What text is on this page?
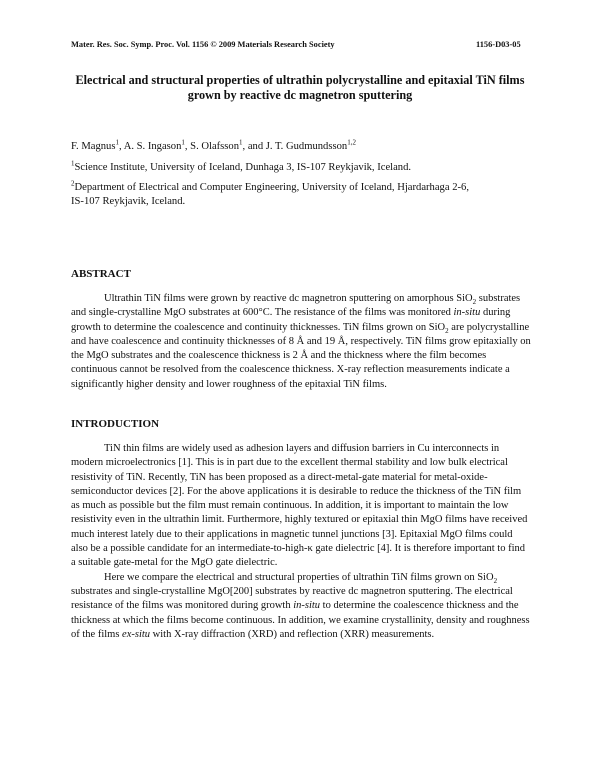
Mater. Res. Soc. Symp. Proc. Vol. 1156 © 2009 Materials Research Society	1156-D03-05
Electrical and structural properties of ultrathin polycrystalline and epitaxial TiN films grown by reactive dc magnetron sputtering
F. Magnus$^1$, A. S. Ingason$^1$, S. Olafsson$^1$, and J. T. Gudmundsson$^{1,2}$
$^1$Science Institute, University of Iceland, Dunhaga 3, IS-107 Reykjavik, Iceland.
$^2$Department of Electrical and Computer Engineering, University of Iceland, Hjardarhaga 2-6,
IS-107 Reykjavik, Iceland.
ABSTRACT

Ultrathin TiN films were grown by reactive dc magnetron sputtering on amorphous SiO$_2$ substrates and single-crystalline MgO substrates at 600°C. The resistance of the films was monitored in-situ during growth to determine the coalescence and continuity thicknesses. TiN films grown on SiO$_2$ are polycrystalline and have coalescence and continuity thicknesses of 8 Å and 19 Å, respectively. TiN films grow epitaxially on the MgO substrates and the coalescence thickness is 2 Å and the thickness where the film becomes continuous cannot be resolved from the coalescence thickness. X-ray reflection measurements indicate a significantly higher density and lower roughness of the epitaxial TiN films.

INTRODUCTION

TiN thin films are widely used as adhesion layers and diffusion barriers in Cu interconnects in modern microelectronics [1]. This is in part due to the excellent thermal stability and low bulk electrical resistivity of TiN. Recently, TiN has been proposed as a direct-metal-gate material for metal-oxide-semiconductor devices [2]. For the above applications it is desirable to reduce the thickness of the TiN film as much as possible but the film must remain continuous. In addition, it is important to maintain the low resistivity even in the ultrathin limit. Furthermore, highly textured or epitaxial thin MgO films have received much interest lately due to their applications in magnetic tunnel junctions [3]. Epitaxial MgO films could also be a possible candidate for an intermediate-to-high-κ gate dielectric [4]. It is therefore important to find a suitable gate-metal for the MgO gate dielectric.

Here we compare the electrical and structural properties of ultrathin TiN films grown on SiO$_2$ substrates and single-crystalline MgO[200] substrates by reactive dc magnetron sputtering. The electrical resistance of the films was monitored during growth in-situ to determine the coalescence thickness and the thickness at which the films become continuous. In addition, we examine crystallinity, density and roughness of the films ex-situ with X-ray diffraction (XRD) and reflection (XRR) measurements.
